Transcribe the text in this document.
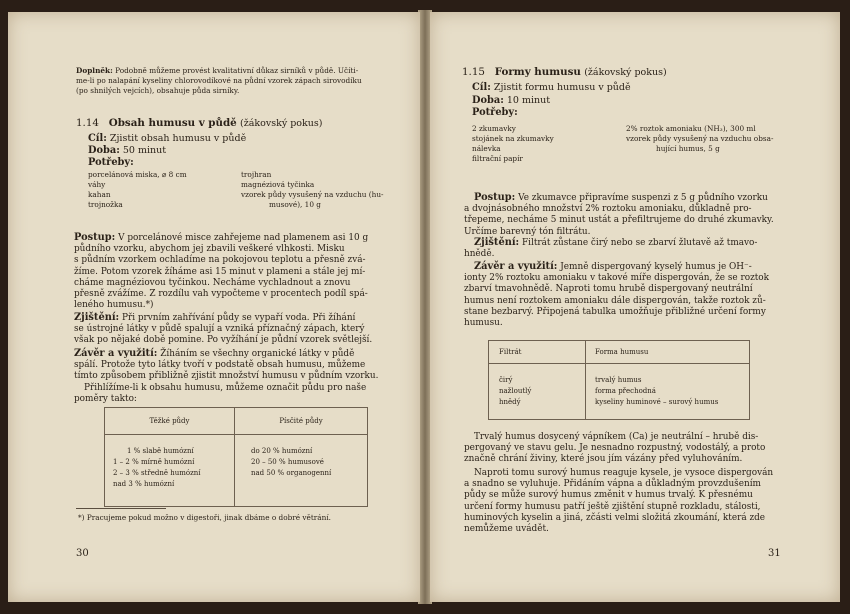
Doplněk: Podobně můžeme provést kvalitativní důkaz sirníků v půdě. Učíti-
me-li po nalapání kyseliny chlorovodíkové na půdní vzorek zápach sirovodíku
(po shnilých vejcích), obsahuje půda sirníky.
1.14 Obsah humusu v půdě (žákovský pokus)
Cíl: Zjistit obsah humusu v půdě
Doba: 50 minut
Potřeby:
porcelánová miska, ⌀ 8 cm
váhy
kahan
trojnožka
trojhran
magnéziová tyčinka
vzorek půdy vysušený na vzduchu (hu-
musové), 10 g
Postup: V porcelánové misce zahřejeme nad plamenem asi 10 g
půdního vzorku, abychom jej zbavili veškeré vlhkosti. Misku
s půdním vzorkem ochladíme na pokojovou teplotu a přesně zvá-
žíme. Potom vzorek žíháme asi 15 minut v plameni a stále jej mí-
cháme magnéziovou tyčinkou. Necháme vychladnout a znovu
přesně zvážíme. Z rozdílu vah vypočteme v procentech podíl spá-
leného humusu.*)
Zjištění: Při prvním zahřívání půdy se vypaří voda. Při žíhání
se ústrojné látky v půdě spalují a vzniká příznačný zápach, který
však po nějaké době pomine. Po vyžíhání je půdní vzorek světlejší.
Závěr a využití: Žíháním se všechny organické látky v půdě
spálí. Protože tyto látky tvoří v podstatě obsah humusu, můžeme
tímto způsobem přibližně zjistit množství humusu v půdním vzorku.
Přihlížíme-li k obsahu humusu, můžeme označit půdu pro naše
poměry takto:
Těžké půdy	Písčité půdy
1 % slabě humózní
1 – 2 % mírně humózní
2 – 3 % středně humózní
nad 3 % humózní
do 20 % humózní
20 – 50 % humusové
nad 50 % organogenní
*) Pracujeme pokud možno v digestoři, jinak dbáme o dobré větrání.
30
1.15 Formy humusu (žákovský pokus)
Cíl: Zjistit formu humusu v půdě
Doba: 10 minut
Potřeby:
2 zkumavky
stojánek na zkumavky
nálevka
filtrační papír
2% roztok amoniaku (NH₃), 300 ml
vzorek půdy vysušený na vzduchu obsa-
hující humus, 5 g
Postup: Ve zkumavce připravíme suspenzi z 5 g půdního vzorku
a dvojnásobného množství 2% roztoku amoniaku, důkladně pro-
třepeme, necháme 5 minut ustát a přefiltrujeme do druhé zkumavky.
Určíme barevný tón filtrátu.
Zjištění: Filtrát zůstane čirý nebo se zbarví žlutavě až tmavo-
hnědě.
Závěr a využití: Jemně dispergovaný kyselý humus je OH⁻-
ionty 2% roztoku amoniaku v takové míře dispergován, že se roztok
zbarví tmavohnědě. Naproti tomu hrubě dispergovaný neutrální
humus není roztokem amoniaku dále dispergován, takže roztok zů-
stane bezbarvý. Připojená tabulka umožňuje přibližné určení formy
humusu.
Filtrát	Forma humusu
čirý
nažloutlý
hnědý
trvalý humus
forma přechodná
kyseliny huminové – surový humus
Trvalý humus dosycený vápníkem (Ca) je neutrální – hrubě dis-
pergovaný ve stavu gelu. Je nesnadno rozpustný, vodostálý, a proto
značně chrání živiny, které jsou jím vázány před vyluhováním.
Naproti tomu surový humus reaguje kysele, je vysoce dispergován
a snadno se vyluhuje. Přidáním vápna a důkladným provzdušením
půdy se může surový humus změnit v humus trvalý. K přesnému
určení formy humusu patří ještě zjištění stupně rozkladu, stálosti,
huminových kyselin a jiná, zčásti velmi složitá zkoumání, která zde
nemůžeme uvádět.
31
